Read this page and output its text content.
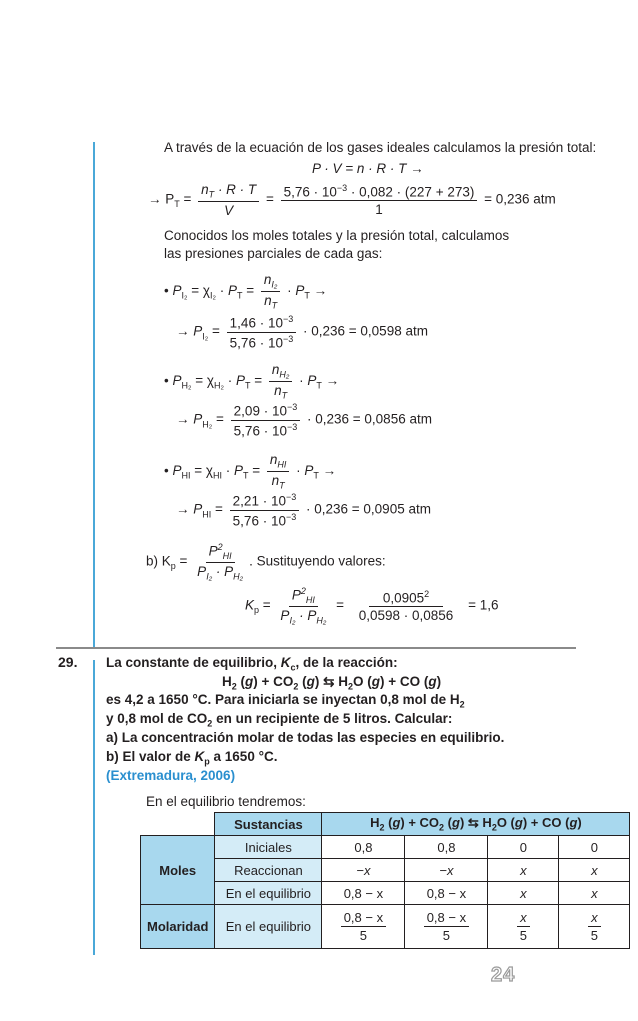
A través de la ecuación de los gases ideales calculamos la presión total:
P · V = n · R · T →
→ $P_T = \frac{n_T \cdot R \cdot T}{V} = 5,76 \cdot 10^{-3} \cdot 0,082 \cdot (227 + 273)$
1
= 0,236 atm
Conocidos los moles totales y la presión total, calculamos
las presiones parciales de cada gas:
• $P_{I_2} = \chi_{I_2} \cdot P_T = \frac{n_{I_2}}{n_T} \cdot P_T$ →
→ $P_{I_2} = \frac{1,46 \cdot 10^{-3}}{5,76 \cdot 10^{-3}} \cdot 0,236 = 0,0598$ atm
• $P_{H_2} = \chi_{H_2} \cdot P_T = \frac{n_{H_2}}{n_T} \cdot P_T$ →
→ $P_{H_2} = \frac{2,09 \cdot 10^{-3}}{5,76 \cdot 10^{-3}} \cdot 0,236 = 0,0856$ atm
• $P_{HI} = \chi_{HI} \cdot P_T = \frac{n_{HI}}{n_T} \cdot P_T$ →
→ $P_{HI} = \frac{2,21 \cdot 10^{-3}}{5,76 \cdot 10^{-3}} \cdot 0,236 = 0,0905$ atm
b) $K_p = \frac{P^2_{HI}}{P_{I_2} \cdot P_{H_2}}$ . Sustituyendo valores:
$K_p = \frac{P^2_{HI}}{P_{I_2} \cdot P_{H_2}} = \frac{0,0905^2}{0,0598 \cdot 0,0856} = 1,6$
29. La constante de equilibrio, $K_c$, de la reacción:
$H_2$ $(g) + CO_2$ (g) ⇆ $H_2O$ (g) + CO (g)
es 4,2 a 1650 °C. Para iniciarla se inyectan 0,8 mol de $H_2$
y 0,8 mol de $CO_2$ en un recipiente de 5 litros. Calcular:
a) La concentración molar de todas las especies en equilibrio.
b) El valor de $K_p$ a 1650 °C.
(Extremadura, 2006)
En el equilibrio tendremos:
	Sustancias	$H_2$ $(g) + CO_2$ (g) ⇆ $H_2O$ (g) + CO (g)			
Moles	Iniciales	0,8	0,8	0	0
	Reaccionan	−x	−x	x	x
	En el equilibrio	0,8 − x	0,8 − x	x	x
Molaridad	En el equilibrio	$\frac{0,8 - x}{5}$	$\frac{0,8 - x}{5}$	$\frac{x}{5}$	$\frac{x}{5}$
24
